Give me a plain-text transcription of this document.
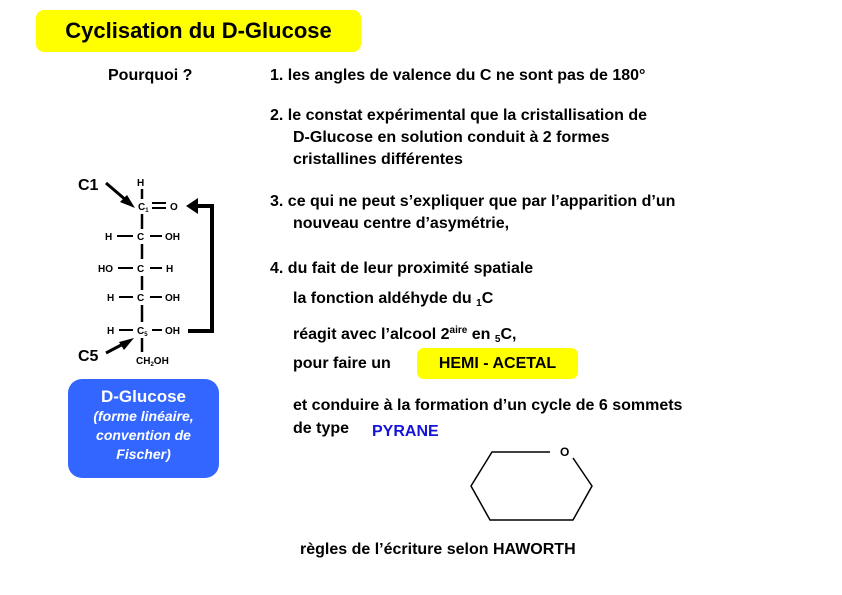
Cyclisation du D-Glucose
Pourquoi ?	1. les angles de valence du C ne sont pas de 180°
2. le constat expérimental que la cristallisation de
D-Glucose en solution conduit à 2 formes
cristallines différentes
3. ce qui ne peut s’expliquer que par l’apparition d’un
nouveau centre d’asymétrie,
4. du fait de leur proximité spatiale
la fonction aldéhyde du $_1$C
réagit avec l’alcool $2^{aire}$ en $_5$C,
pour faire un	HEMI - ACETAL
et conduire à la formation d’un cycle de 6 sommets
de type PYRANE
règles de l’écriture selon HAWORTH
C1
C5
H
$C_1$ O
H C OH
HO C H
H C OH
H $C_5$ OH
$CH_2OH$
O
D-Glucose
(forme linéaire,
convention de
Fischer)
